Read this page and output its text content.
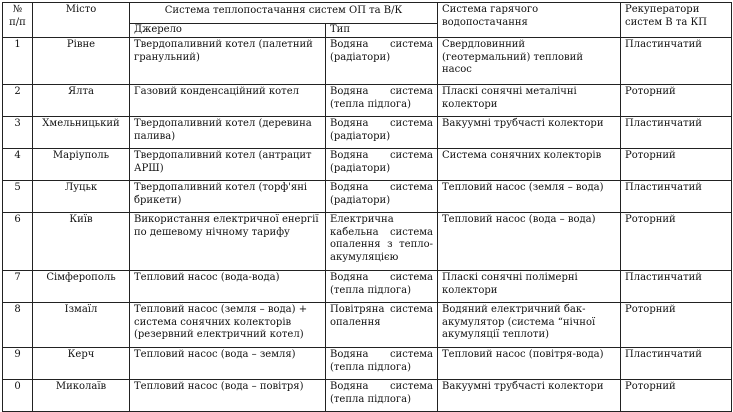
№ п/п	Місто	Система теплопостачання систем ОП та В/К		Система гарячого водопостачання	Рекуператори систем В та КП
		Джерело	Тип		
1	Рівне	Твердопаливний котел (палетний гранульний)	Водяна система (радіатори)	Свердловинний (геотермальний) тепловий насос	Пластинчатий
2	Ялта	Газовий конденсаційний котел	Водяна система (тепла підлога)	Плаcкі сонячні металічні колектори	Роторний
3	Хмельницький	Твердопаливний котел (деревина палива)	Водяна система (радіатори)	Вакуумні трубчасті колектори	Пластинчатий
4	Маріуполь	Твердопаливний котел (антрацит АРШ)	Водяна система (радіатори)	Система сонячних колекторів	Роторний
5	Луцьк	Твердопаливний котел (торф'яні брикети)	Водяна система (радіатори)	Тепловий насос (земля – вода)	Пластинчатий
6	Київ	Використання електричної енергії по дешевому нічному тарифу	Електрична кабельна система опалення з тепло-акумуляцією	Тепловий насос (вода – вода)	Роторний
7	Сімферополь	Тепловий насос (вода-вода)	Водяна система (тепла підлога)	Плаcкі сонячні полімерні колектори	Пластинчатий
8	Ізмаїл	Тепловий насос (земля – вода) + система сонячних колекторів (резервний електричний котел)	Повітряна система опалення	Водяний електричний бак-акумулятор (система “нічної акумуляції теплоти)	Роторний
9	Керч	Тепловий насос (вода – земля)	Водяна система (тепла підлога)	Тепловий насос (повітря-вода)	Пластинчатий
0	Миколаїв	Тепловий насос (вода – повітря)	Водяна система (тепла підлога)	Вакуумні трубчасті колектори	Роторний
